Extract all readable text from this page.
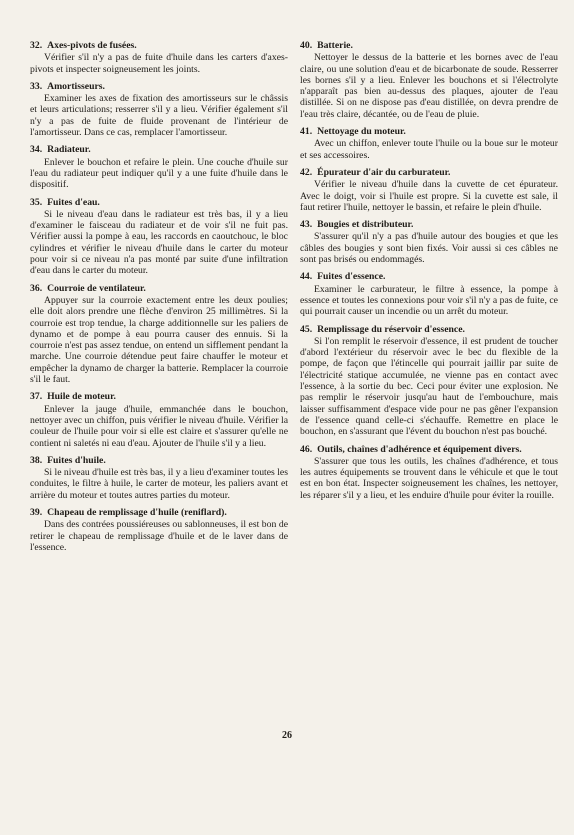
32. Axes-pivots de fusées.

Vérifier s'il n'y a pas de fuite d'huile dans les carters d'axes-pivots et inspecter soigneusement les joints.

33. Amortisseurs.

Examiner les axes de fixation des amortisseurs sur le châssis et leurs articulations; resserrer s'il y a lieu. Vérifier également s'il n'y a pas de fuite de fluide provenant de l'intérieur de l'amortisseur. Dans ce cas, remplacer l'amortisseur.

34. Radiateur.

Enlever le bouchon et refaire le plein. Une couche d'huile sur l'eau du radiateur peut indiquer qu'il y a une fuite d'huile dans le dispositif.

35. Fuites d'eau.

Si le niveau d'eau dans le radiateur est très bas, il y a lieu d'examiner le faisceau du radiateur et de voir s'il ne fuit pas. Vérifier aussi la pompe à eau, les raccords en caoutchouc, le bloc cylindres et vérifier le niveau d'huile dans le carter du moteur pour voir si ce niveau n'a pas monté par suite d'une infiltration d'eau dans le carter du moteur.

36. Courroie de ventilateur.

Appuyer sur la courroie exactement entre les deux poulies; elle doit alors prendre une flèche d'environ 25 millimètres. Si la courroie est trop tendue, la charge additionnelle sur les paliers de dynamo et de pompe à eau pourra causer des ennuis. Si la courroie n'est pas assez tendue, on entend un sifflement pendant la marche. Une courroie détendue peut faire chauffer le moteur et empêcher la dynamo de charger la batterie. Remplacer la courroie s'il le faut.

37. Huile de moteur.

Enlever la jauge d'huile, emmanchée dans le bouchon, nettoyer avec un chiffon, puis vérifier le niveau d'huile. Vérifier la couleur de l'huile pour voir si elle est claire et s'assurer qu'elle ne contient ni saletés ni eau d'eau. Ajouter de l'huile s'il y a lieu.

38. Fuites d'huile.

Si le niveau d'huile est très bas, il y a lieu d'examiner toutes les conduites, le filtre à huile, le carter de moteur, les paliers avant et arrière du moteur et toutes autres parties du moteur.

39. Chapeau de remplissage d'huile (reniflard).

Dans des contrées poussiéreuses ou sablonneuses, il est bon de retirer le chapeau de remplissage d'huile et de le laver dans de l'essence.

40. Batterie.

Nettoyer le dessus de la batterie et les bornes avec de l'eau claire, ou une solution d'eau et de bicarbonate de soude. Resserrer les bornes s'il y a lieu. Enlever les bouchons et si l'électrolyte n'apparaît pas bien au-dessus des plaques, ajouter de l'eau distillée. Si on ne dispose pas d'eau distillée, on devra prendre de l'eau très claire, décantée, ou de l'eau de pluie.

41. Nettoyage du moteur.

Avec un chiffon, enlever toute l'huile ou la boue sur le moteur et ses accessoires.

42. Épurateur d'air du carburateur.

Vérifier le niveau d'huile dans la cuvette de cet épurateur. Avec le doigt, voir si l'huile est propre. Si la cuvette est sale, il faut retirer l'huile, nettoyer le bassin, et refaire le plein d'huile.

43. Bougies et distributeur.

S'assurer qu'il n'y a pas d'huile autour des bougies et que les câbles des bougies y sont bien fixés. Voir aussi si ces câbles ne sont pas brisés ou endommagés.

44. Fuites d'essence.

Examiner le carburateur, le filtre à essence, la pompe à essence et toutes les connexions pour voir s'il n'y a pas de fuite, ce qui pourrait causer un incendie ou un arrêt du moteur.

45. Remplissage du réservoir d'essence.

Si l'on remplit le réservoir d'essence, il est prudent de toucher d'abord l'extérieur du réservoir avec le bec du flexible de la pompe, de façon que l'étincelle qui pourrait jaillir par suite de l'électricité statique accumulée, ne vienne pas en contact avec l'essence, à la sortie du bec. Ceci pour éviter une explosion. Ne pas remplir le réservoir jusqu'au haut de l'embouchure, mais laisser suffisamment d'espace vide pour ne pas gêner l'expansion de l'essence quand celle-ci s'échauffe. Remettre en place le bouchon, en s'assurant que l'évent du bouchon n'est pas bouché.

46. Outils, chaînes d'adhérence et équipement divers.

S'assurer que tous les outils, les chaînes d'adhérence, et tous les autres équipements se trouvent dans le véhicule et que le tout est en bon état. Inspecter soigneusement les chaînes, les nettoyer, les réparer s'il y a lieu, et les enduire d'huile pour éviter la rouille.

26
